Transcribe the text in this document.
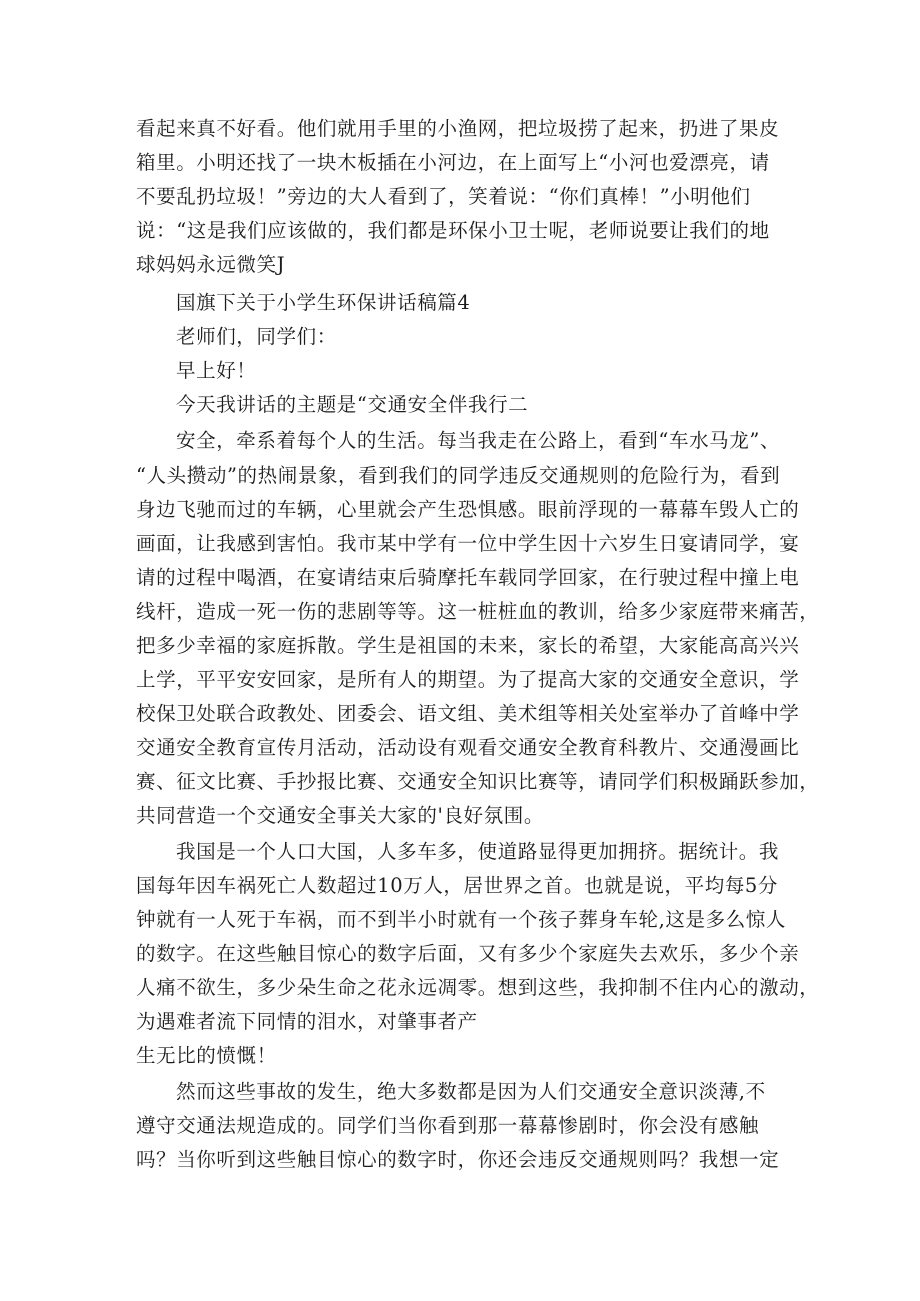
看起来真不好看。他们就用手里的小渔网，把垃圾捞了起来，扔进了果皮
箱里。小明还找了一块木板插在小河边，在上面写上“小河也爱漂亮，请
不要乱扔垃圾！”旁边的大人看到了，笑着说：“你们真棒！”小明他们
说：“这是我们应该做的，我们都是环保小卫士呢，老师说要让我们的地
球妈妈永远微笑J
国旗下关于小学生环保讲话稿篇4
老师们，同学们：
早上好！
今天我讲话的主题是“交通安全伴我行二
安全，牵系着每个人的生活。每当我走在公路上，看到“车水马龙”、
“人头攒动”的热闹景象，看到我们的同学违反交通规则的危险行为，看到
身边飞驰而过的车辆，心里就会产生恐惧感。眼前浮现的一幕幕车毁人亡的
画面，让我感到害怕。我市某中学有一位中学生因十六岁生日宴请同学，宴
请的过程中喝酒，在宴请结束后骑摩托车载同学回家，在行驶过程中撞上电
线杆，造成一死一伤的悲剧等等。这一桩桩血的教训，给多少家庭带来痛苦，
把多少幸福的家庭拆散。学生是祖国的未来，家长的希望，大家能高高兴兴
上学，平平安安回家，是所有人的期望。为了提高大家的交通安全意识，学
校保卫处联合政教处、团委会、语文组、美术组等相关处室举办了首峰中学
交通安全教育宣传月活动，活动设有观看交通安全教育科教片、交通漫画比
赛、征文比赛、手抄报比赛、交通安全知识比赛等，请同学们积极踊跃参加，
共同营造一个交通安全事关大家的'良好氛围。
我国是一个人口大国，人多车多，使道路显得更加拥挤。据统计。我
国每年因车祸死亡人数超过10万人，居世界之首。也就是说，平均每5分
钟就有一人死于车祸，而不到半小时就有一个孩子葬身车轮,这是多么惊人
的数字。在这些触目惊心的数字后面，又有多少个家庭失去欢乐，多少个亲
人痛不欲生，多少朵生命之花永远凋零。想到这些，我抑制不住内心的激动，
为遇难者流下同情的泪水，对肇事者产
生无比的愤慨！
然而这些事故的发生，绝大多数都是因为人们交通安全意识淡薄,不
遵守交通法规造成的。同学们当你看到那一幕幕惨剧时，你会没有感触
吗？当你听到这些触目惊心的数字时，你还会违反交通规则吗？我想一定
